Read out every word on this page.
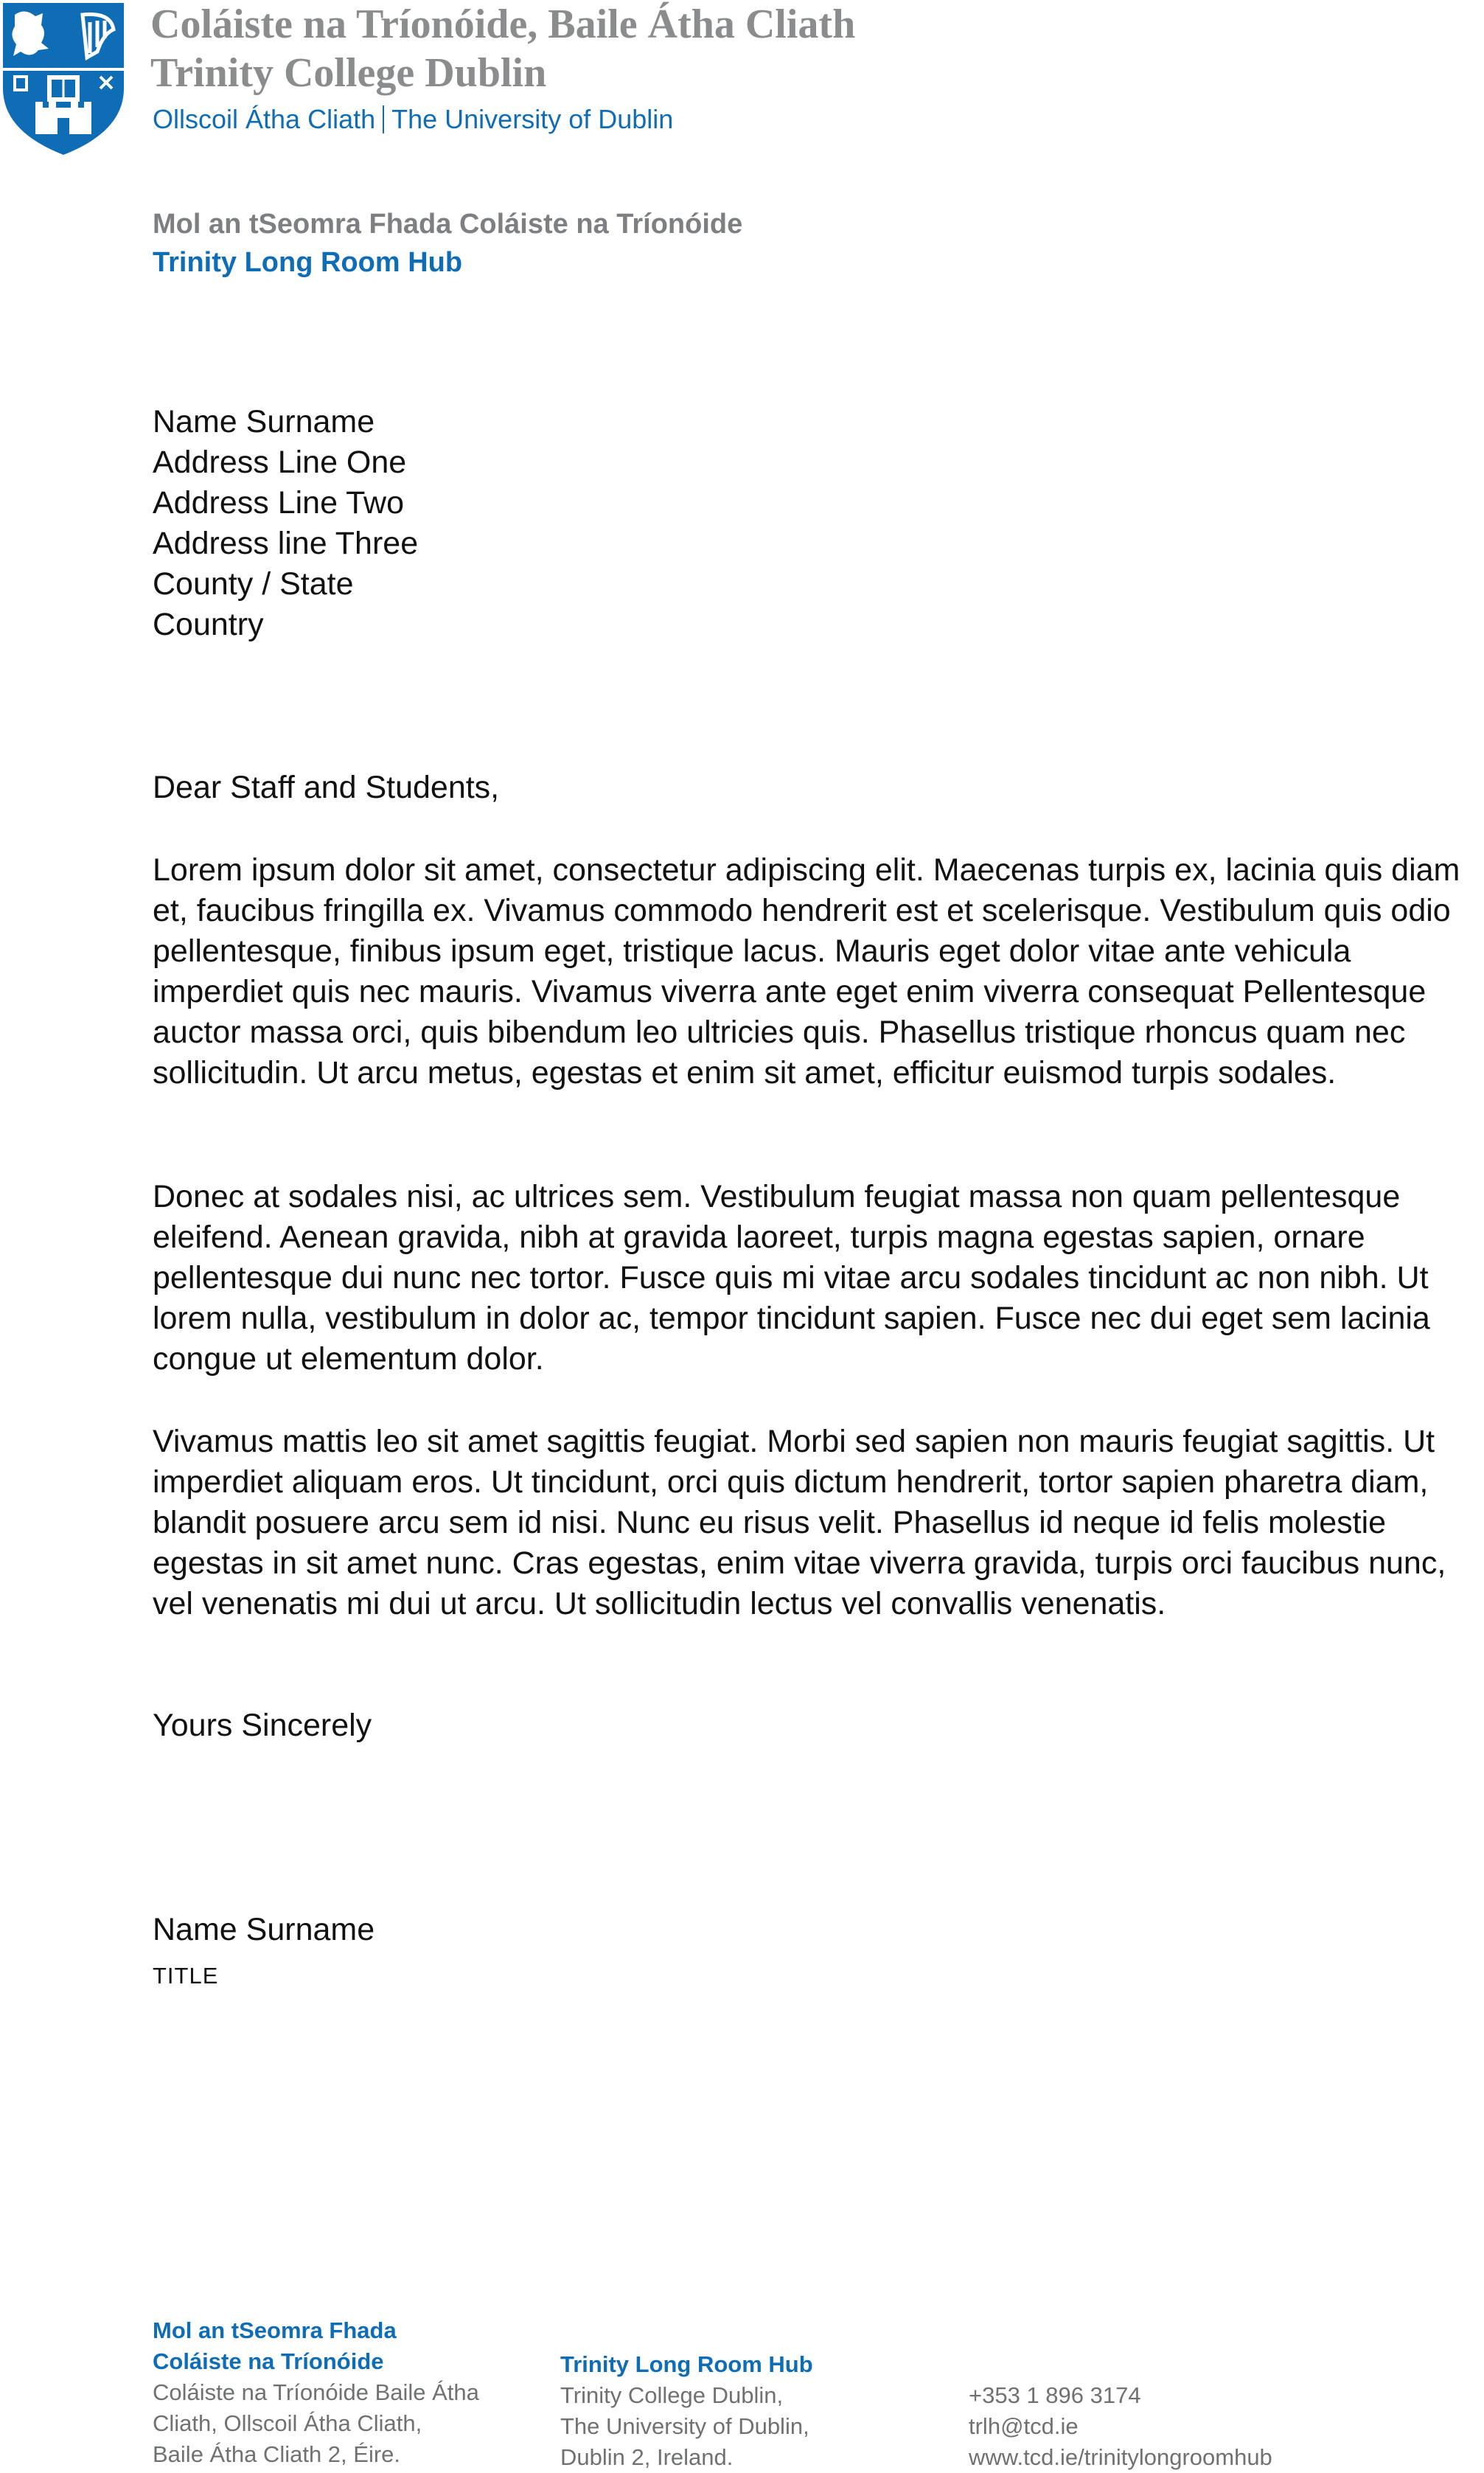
Coláiste na Tríonóide, Baile Átha Cliath
Trinity College Dublin
Ollscoil Átha Cliath The University of Dublin
Mol an tSeomra Fhada Coláiste na Tríonóide
Trinity Long Room Hub
Name Surname
Address Line One
Address Line Two
Address line Three
County / State
Country
Dear Staff and Students,

Lorem ipsum dolor sit amet, consectetur adipiscing elit. Maecenas turpis ex, lacinia quis diam et, faucibus fringilla ex. Vivamus commodo hendrerit est et scelerisque. Vestibulum quis odio pellentesque, finibus ipsum eget, tristique lacus. Mauris eget dolor vitae ante vehicula imperdiet quis nec mauris. Vivamus viverra ante eget enim viverra consequat Pellentesque auctor massa orci, quis bibendum leo ultricies quis. Phasellus tristique rhoncus quam nec sollicitudin. Ut arcu metus, egestas et enim sit amet, efficitur euismod turpis sodales.

Donec at sodales nisi, ac ultrices sem. Vestibulum feugiat massa non quam pellentesque eleifend. Aenean gravida, nibh at gravida laoreet, turpis magna egestas sapien, ornare pellentesque dui nunc nec tortor. Fusce quis mi vitae arcu sodales tincidunt ac non nibh. Ut lorem nulla, vestibulum in dolor ac, tempor tincidunt sapien. Fusce nec dui eget sem lacinia congue ut elementum dolor.

Vivamus mattis leo sit amet sagittis feugiat. Morbi sed sapien non mauris feugiat sagittis. Ut imperdiet aliquam eros. Ut tincidunt, orci quis dictum hendrerit, tortor sapien pharetra diam, blandit posuere arcu sem id nisi. Nunc eu risus velit. Phasellus id neque id felis molestie egestas in sit amet nunc. Cras egestas, enim vitae viverra gravida, turpis orci faucibus nunc, vel venenatis mi dui ut arcu. Ut sollicitudin lectus vel convallis venenatis.

Yours Sincerely
Name Surname
TITLE
Mol an tSeomra Fhada
Coláiste na Tríonóide
Coláiste na Tríonóide Baile Átha
Cliath, Ollscoil Átha Cliath,
Baile Átha Cliath 2, Éire.
Trinity Long Room Hub
Trinity College Dublin,
The University of Dublin,
Dublin 2, Ireland.
+353 1 896 3174
trlh@tcd.ie
www.tcd.ie/trinitylongroomhub
